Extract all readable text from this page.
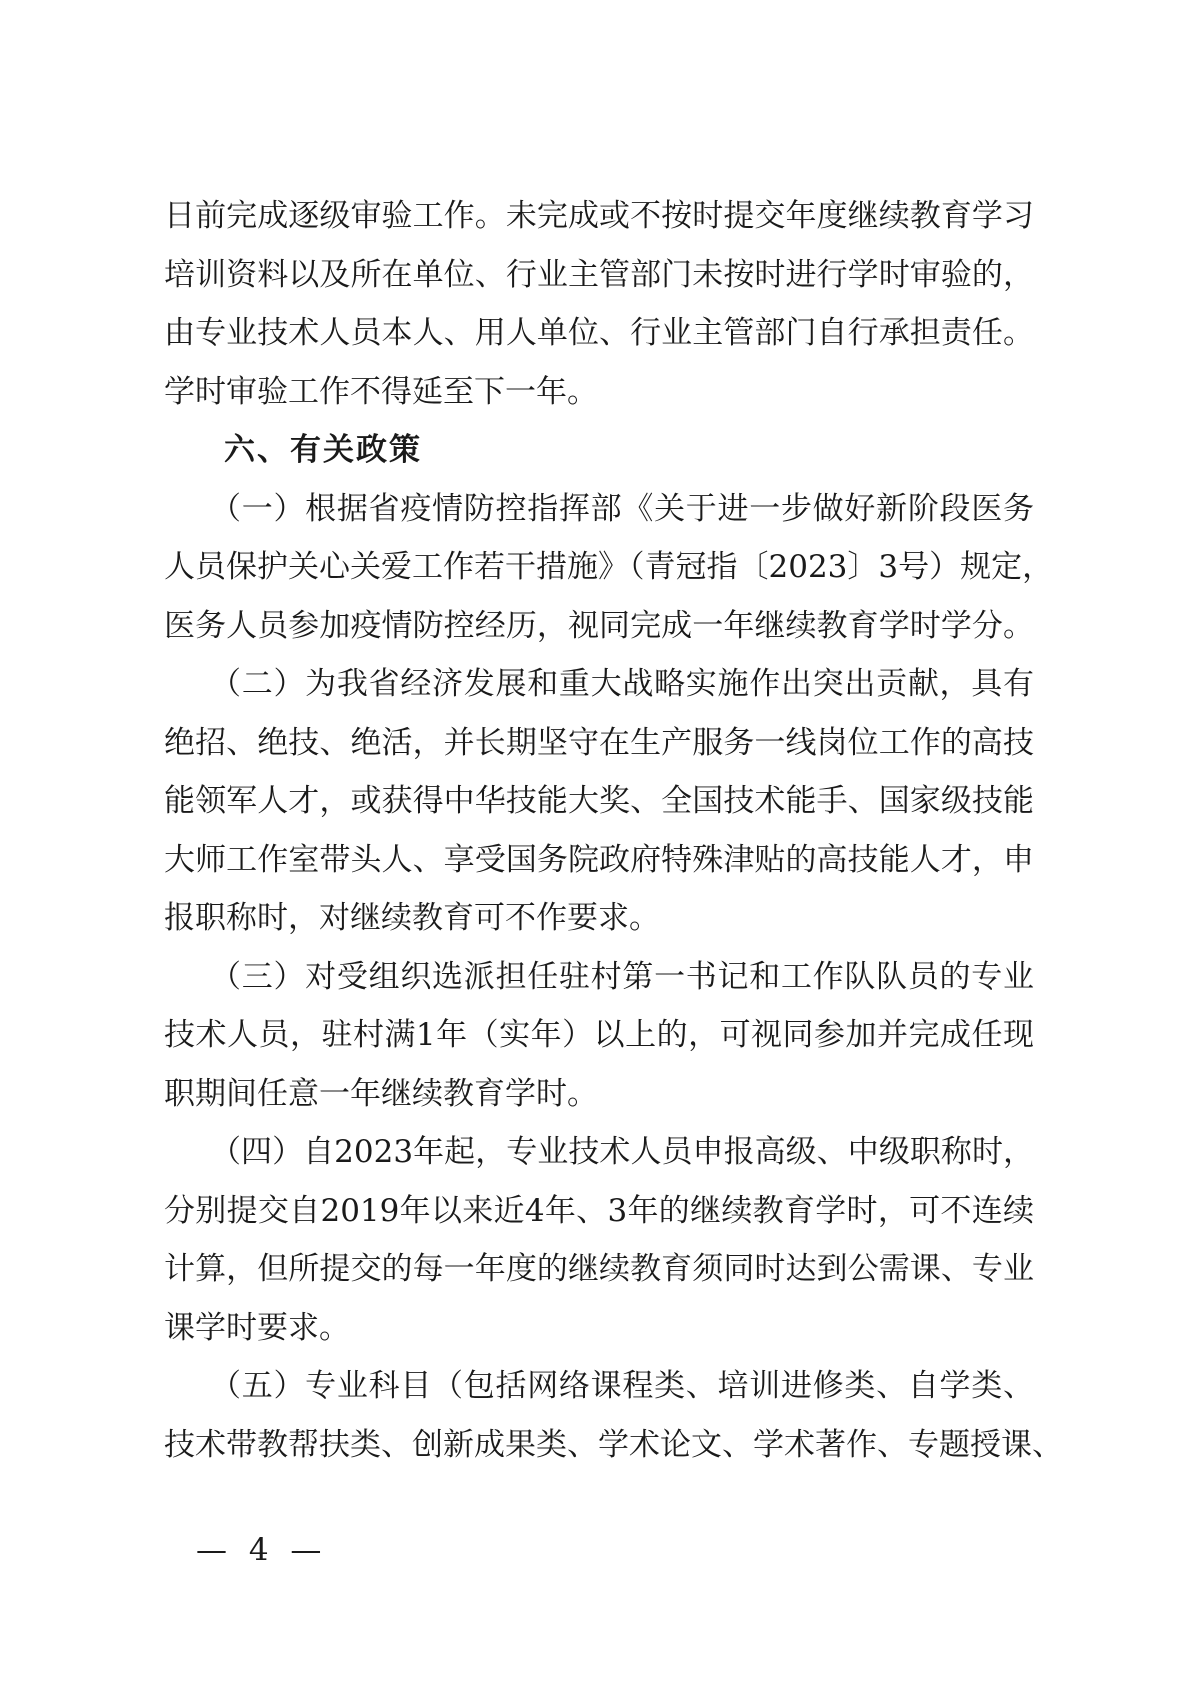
日前完成逐级审验工作。未完成或不按时提交年度继续教育学习
培训资料以及所在单位、行业主管部门未按时进行学时审验的，
由专业技术人员本人、用人单位、行业主管部门自行承担责任。
学时审验工作不得延至下一年。
六、有关政策
（一）根据省疫情防控指挥部《关于进一步做好新阶段医务
人员保护关心关爱工作若干措施》（青冠指〔2023〕3号）规定，
医务人员参加疫情防控经历，视同完成一年继续教育学时学分。
（二）为我省经济发展和重大战略实施作出突出贡献，具有
绝招、绝技、绝活，并长期坚守在生产服务一线岗位工作的高技
能领军人才，或获得中华技能大奖、全国技术能手、国家级技能
大师工作室带头人、享受国务院政府特殊津贴的高技能人才，申
报职称时，对继续教育可不作要求。
（三）对受组织选派担任驻村第一书记和工作队队员的专业
技术人员，驻村满1年（实年）以上的，可视同参加并完成任现
职期间任意一年继续教育学时。
（四）自2023年起，专业技术人员申报高级、中级职称时，
分别提交自2019年以来近4年、3年的继续教育学时，可不连续
计算，但所提交的每一年度的继续教育须同时达到公需课、专业
课学时要求。
（五）专业科目（包括网络课程类、培训进修类、自学类、
技术带教帮扶类、创新成果类、学术论文、学术著作、专题授课、
— 4 —
